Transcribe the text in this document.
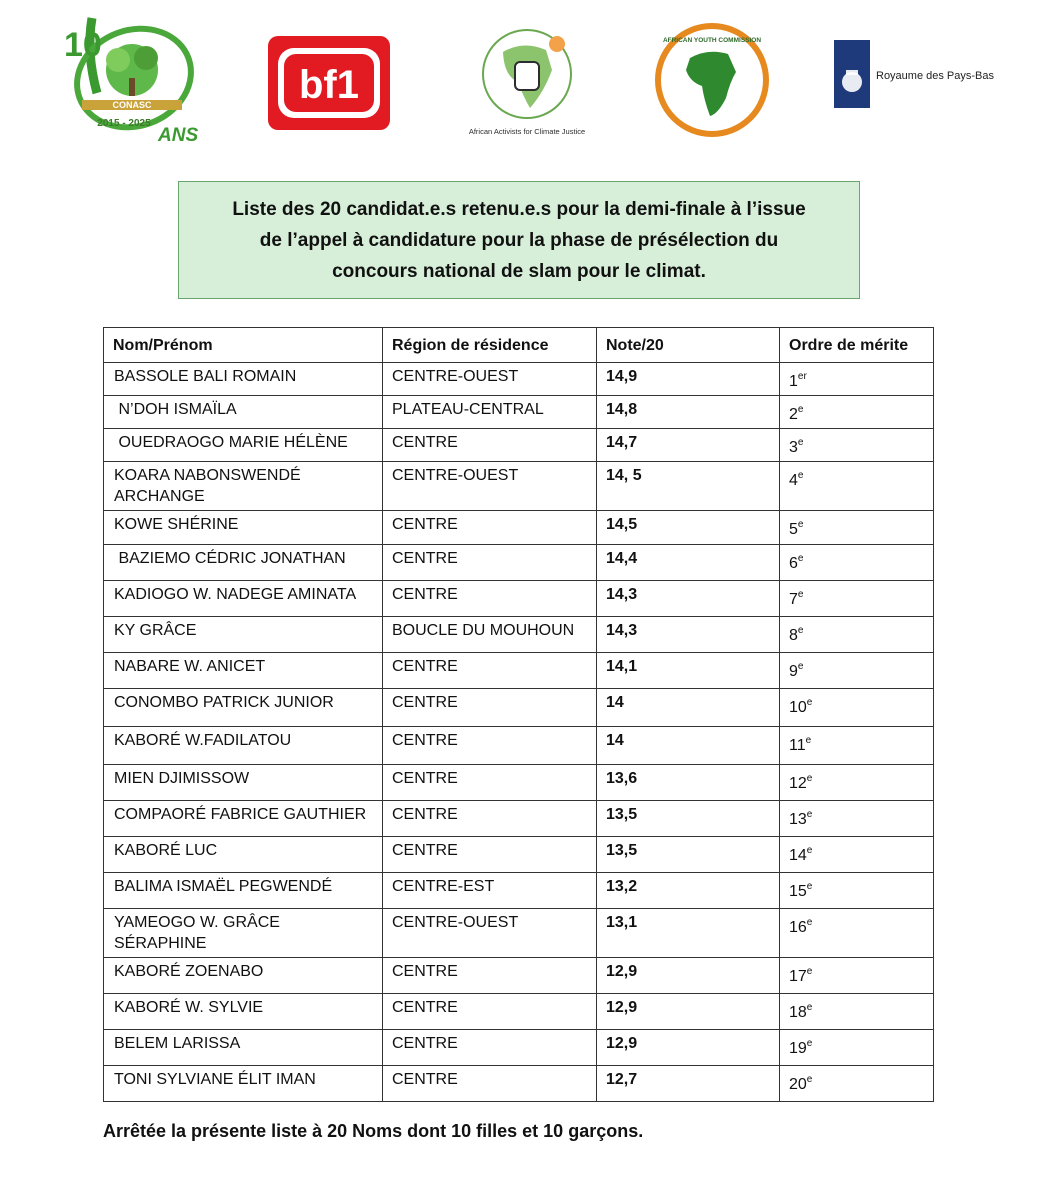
CONASC
10
2015 - 2025
ANS
bf1
African Activists for Climate Justice
AFRICAN YOUTH COMMISSION
Royaume des Pays-Bas
Liste des 20 candidat.e.s retenu.e.s pour la demi-finale à l’issue
de l’appel à candidature pour la phase de présélection du
concours national de slam pour le climat.
Nom/Prénom	Région de résidence	Note/20	Ordre de mérite
BASSOLE BALI ROMAIN	CENTRE-OUEST	14,9	1er
N’DOH ISMAÏLA	PLATEAU-CENTRAL	14,8	2e
OUEDRAOGO MARIE HÉLÈNE	CENTRE	14,7	3e
KOARA NABONSWENDÉ ARCHANGE	CENTRE-OUEST	14, 5	4e
KOWE SHÉRINE	CENTRE	14,5	5e
BAZIEMO CÉDRIC JONATHAN	CENTRE	14,4	6e
KADIOGO W. NADEGE AMINATA	CENTRE	14,3	7e
KY GRÂCE	BOUCLE DU MOUHOUN	14,3	8e
NABARE W. ANICET	CENTRE	14,1	9e
CONOMBO PATRICK JUNIOR	CENTRE	14	10e
KABORÉ W.FADILATOU	CENTRE	14	11e
MIEN DJIMISSOW	CENTRE	13,6	12e
COMPAORÉ FABRICE GAUTHIER	CENTRE	13,5	13e
KABORÉ LUC	CENTRE	13,5	14e
BALIMA ISMAËL PEGWENDÉ	CENTRE-EST	13,2	15e
YAMEOGO W. GRÂCE SÉRAPHINE	CENTRE-OUEST	13,1	16e
KABORÉ ZOENABO	CENTRE	12,9	17e
KABORÉ W. SYLVIE	CENTRE	12,9	18e
BELEM LARISSA	CENTRE	12,9	19e
TONI SYLVIANE ÉLIT IMAN	CENTRE	12,7	20e
Arrêtée la présente liste à 20 Noms dont 10 filles et 10 garçons.
